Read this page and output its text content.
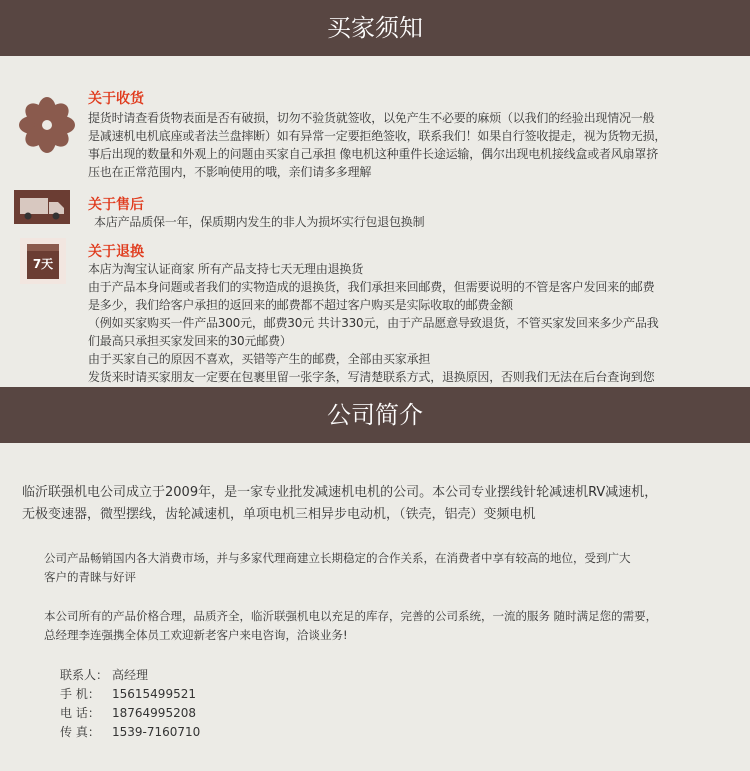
买家须知
关于收货
提货时请查看货物表面是否有破损，切勿不验货就签收，以免产生不必要的麻烦（以我们的经验出现情况一般
是减速机电机底座或者法兰盘摔断）如有异常一定要拒绝签收，联系我们！如果自行签收提走，视为货物无损，
事后出现的数量和外观上的问题由买家自己承担 像电机这种重件长途运输，偶尔出现电机接线盒或者风扇罩挤
压也在正常范围内，不影响使用的哦，亲们请多多理解
关于售后
本店产品质保一年，保质期内发生的非人为损坏实行包退包换制
7天
关于退换
本店为淘宝认证商家 所有产品支持七天无理由退换货
由于产品本身问题或者我们的实物造成的退换货，我们承担来回邮费，但需要说明的不管是客户发回来的邮费
是多少，我们给客户承担的返回来的邮费都不超过客户购买是实际收取的邮费金额
（例如买家购买一件产品300元，邮费30元 共计330元，由于产品愿意导致退货，不管买家发回来多少产品我
们最高只承担买家发回来的30元邮费）
由于买家自己的原因不喜欢，买错等产生的邮费，全部由买家承担
发货来时请买家朋友一定要在包裹里留一张字条，写清楚联系方式，退换原因，否则我们无法在后台查询到您
公司简介
临沂联强机电公司成立于2009年，是一家专业批发减速机电机的公司。本公司专业摆线针轮减速机RV减速机，
无极变速器，微型摆线，齿轮减速机，单项电机三相异步电动机，（铁壳，铝壳）变频电机
公司产品畅销国内各大消费市场，并与多家代理商建立长期稳定的合作关系，在消费者中享有较高的地位，受到广大
客户的青睐与好评
本公司所有的产品价格合理，品质齐全，临沂联强机电以充足的库存，完善的公司系统，一流的服务 随时满足您的需要，
总经理李连强携全体员工欢迎新老客户来电咨询，洽谈业务!
联系人： 高经理
手 机： 15615499521
电 话： 18764995208
传 真： 1539-7160710
